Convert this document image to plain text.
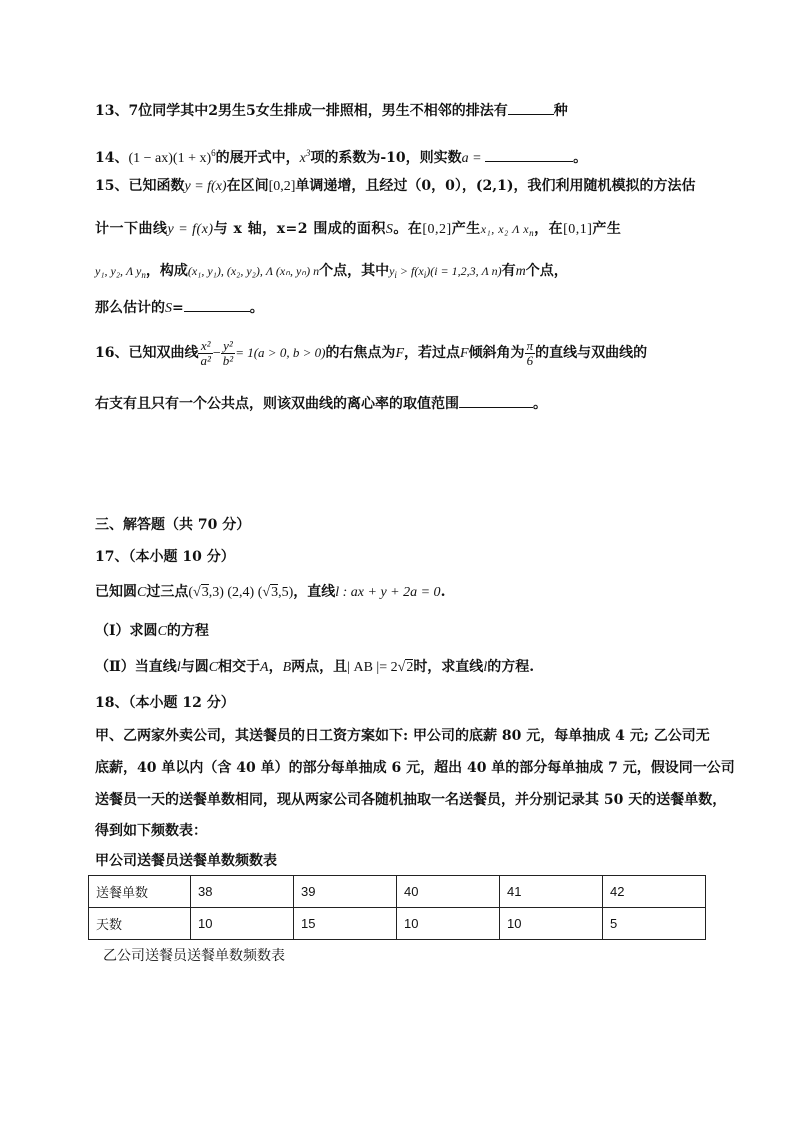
13、7位同学其中2男生5女生排成一排照相，男生不相邻的排法有	种
14、$(1 - ax)(1 + x)^6$的展开式中，$x^3$项的系数为-10，则实数a =	。
15、已知函数y = f(x)在区间[0,2]单调递增，且经过（0，0），(2,1)，我们利用随机模拟的方法估
计一下曲线y = f(x)与 x 轴，x=2 围成的面积S。在[0,2]产生x₁, x₂ Λ $x_n$，在[0,1]产生
y₁, y₂, Λ $y_n$，构成(x₁, y₁), (x₂, y₂), Λ (xₙ, yₙ) n个点，其中$y_i > f(x_i)(i = 1,2,3$, Λ n)有m个点，
那么估计的S=	。
16、已知双曲线 $\frac{\text{x²}}{\text{a²}} - \frac{\text{y²}}{\text{b²}} = 1(a > 0$, b > 0)的右焦点为F，若过点F倾斜角为 $\frac{\pi}{6}$ 的直线与双曲线的
右支有且只有一个公共点，则该双曲线的离心率的取值范围	。
三、解答题（共 70 分）
17、（本小题 10 分）
已知圆C过三点(√3,3) (2,4) (√3,5)，直线l : ax + y + 2a = 0.
（Ⅰ）求圆C的方程
（Ⅱ）当直线l与圆C相交于A，B两点，且| AB |= 2√2时，求直线l的方程.
18、（本小题 12 分）
甲、乙两家外卖公司，其送餐员的日工资方案如下: 甲公司的底薪 80 元，每单抽成 4 元; 乙公司无
底薪，40 单以内（含 40 单）的部分每单抽成 6 元，超出 40 单的部分每单抽成 7 元，假设同一公司
送餐员一天的送餐单数相同，现从两家公司各随机抽取一名送餐员，并分别记录其 50 天的送餐单数，
得到如下频数表：
甲公司送餐员送餐单数频数表
送餐单数	38	39	40	41	42
天数	10	15	10	10	5
乙公司送餐员送餐单数频数表
